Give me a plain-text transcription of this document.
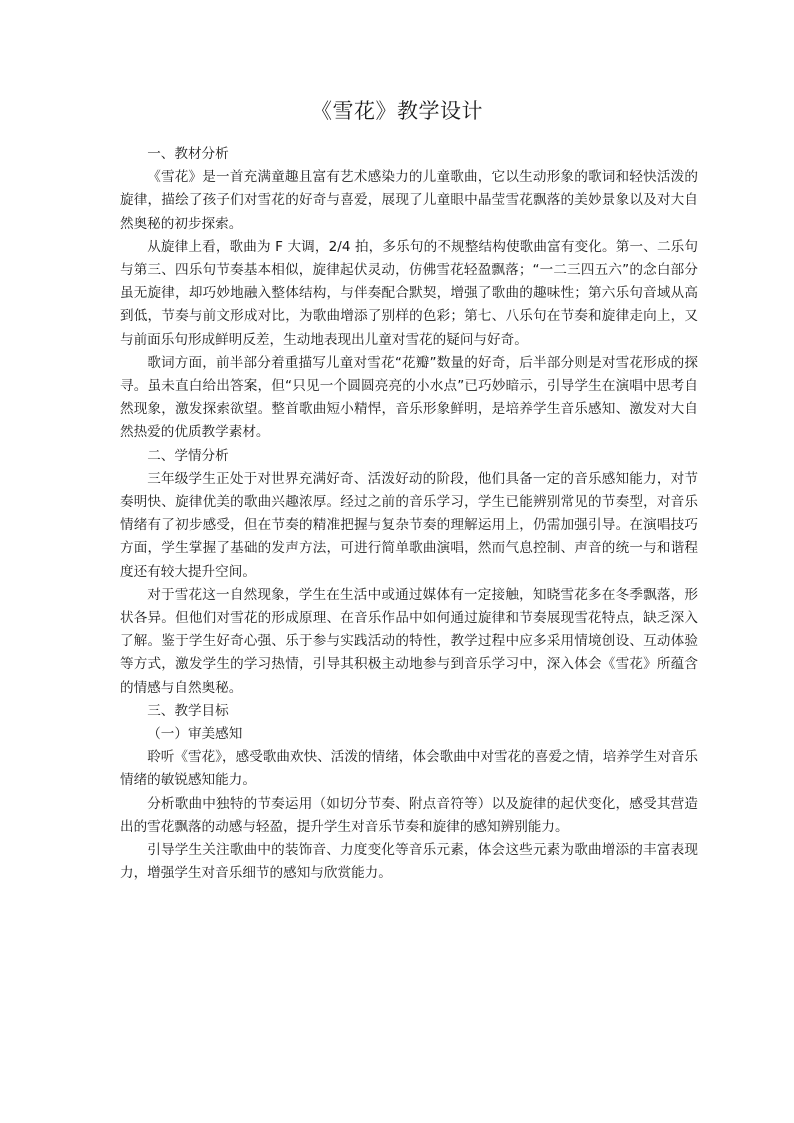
《雪花》教学设计

一、教材分析

《雪花》是一首充满童趣且富有艺术感染力的儿童歌曲，它以生动形象的歌词和轻快活泼的旋律，描绘了孩子们对雪花的好奇与喜爱，展现了儿童眼中晶莹雪花飘落的美妙景象以及对大自然奥秘的初步探索。

从旋律上看，歌曲为 F 大调，2/4 拍，多乐句的不规整结构使歌曲富有变化。第一、二乐句与第三、四乐句节奏基本相似，旋律起伏灵动，仿佛雪花轻盈飘落；“一二三四五六”的念白部分虽无旋律，却巧妙地融入整体结构，与伴奏配合默契，增强了歌曲的趣味性；第六乐句音域从高到低，节奏与前文形成对比，为歌曲增添了别样的色彩；第七、八乐句在节奏和旋律走向上，又与前面乐句形成鲜明反差，生动地表现出儿童对雪花的疑问与好奇。

歌词方面，前半部分着重描写儿童对雪花“花瓣”数量的好奇，后半部分则是对雪花形成的探寻。虽未直白给出答案，但“只见一个圆圆亮亮的小水点”已巧妙暗示，引导学生在演唱中思考自然现象，激发探索欲望。整首歌曲短小精悍，音乐形象鲜明，是培养学生音乐感知、激发对大自然热爱的优质教学素材。

二、学情分析

三年级学生正处于对世界充满好奇、活泼好动的阶段，他们具备一定的音乐感知能力，对节奏明快、旋律优美的歌曲兴趣浓厚。经过之前的音乐学习，学生已能辨别常见的节奏型，对音乐情绪有了初步感受，但在节奏的精准把握与复杂节奏的理解运用上，仍需加强引导。在演唱技巧方面，学生掌握了基础的发声方法，可进行简单歌曲演唱，然而气息控制、声音的统一与和谐程度还有较大提升空间。

对于雪花这一自然现象，学生在生活中或通过媒体有一定接触，知晓雪花多在冬季飘落，形状各异。但他们对雪花的形成原理、在音乐作品中如何通过旋律和节奏展现雪花特点，缺乏深入了解。鉴于学生好奇心强、乐于参与实践活动的特性，教学过程中应多采用情境创设、互动体验等方式，激发学生的学习热情，引导其积极主动地参与到音乐学习中，深入体会《雪花》所蕴含的情感与自然奥秘。

三、教学目标

（一）审美感知

聆听《雪花》，感受歌曲欢快、活泼的情绪，体会歌曲中对雪花的喜爱之情，培养学生对音乐情绪的敏锐感知能力。

分析歌曲中独特的节奏运用（如切分节奏、附点音符等）以及旋律的起伏变化，感受其营造出的雪花飘落的动感与轻盈，提升学生对音乐节奏和旋律的感知辨别能力。

引导学生关注歌曲中的装饰音、力度变化等音乐元素，体会这些元素为歌曲增添的丰富表现力，增强学生对音乐细节的感知与欣赏能力。
